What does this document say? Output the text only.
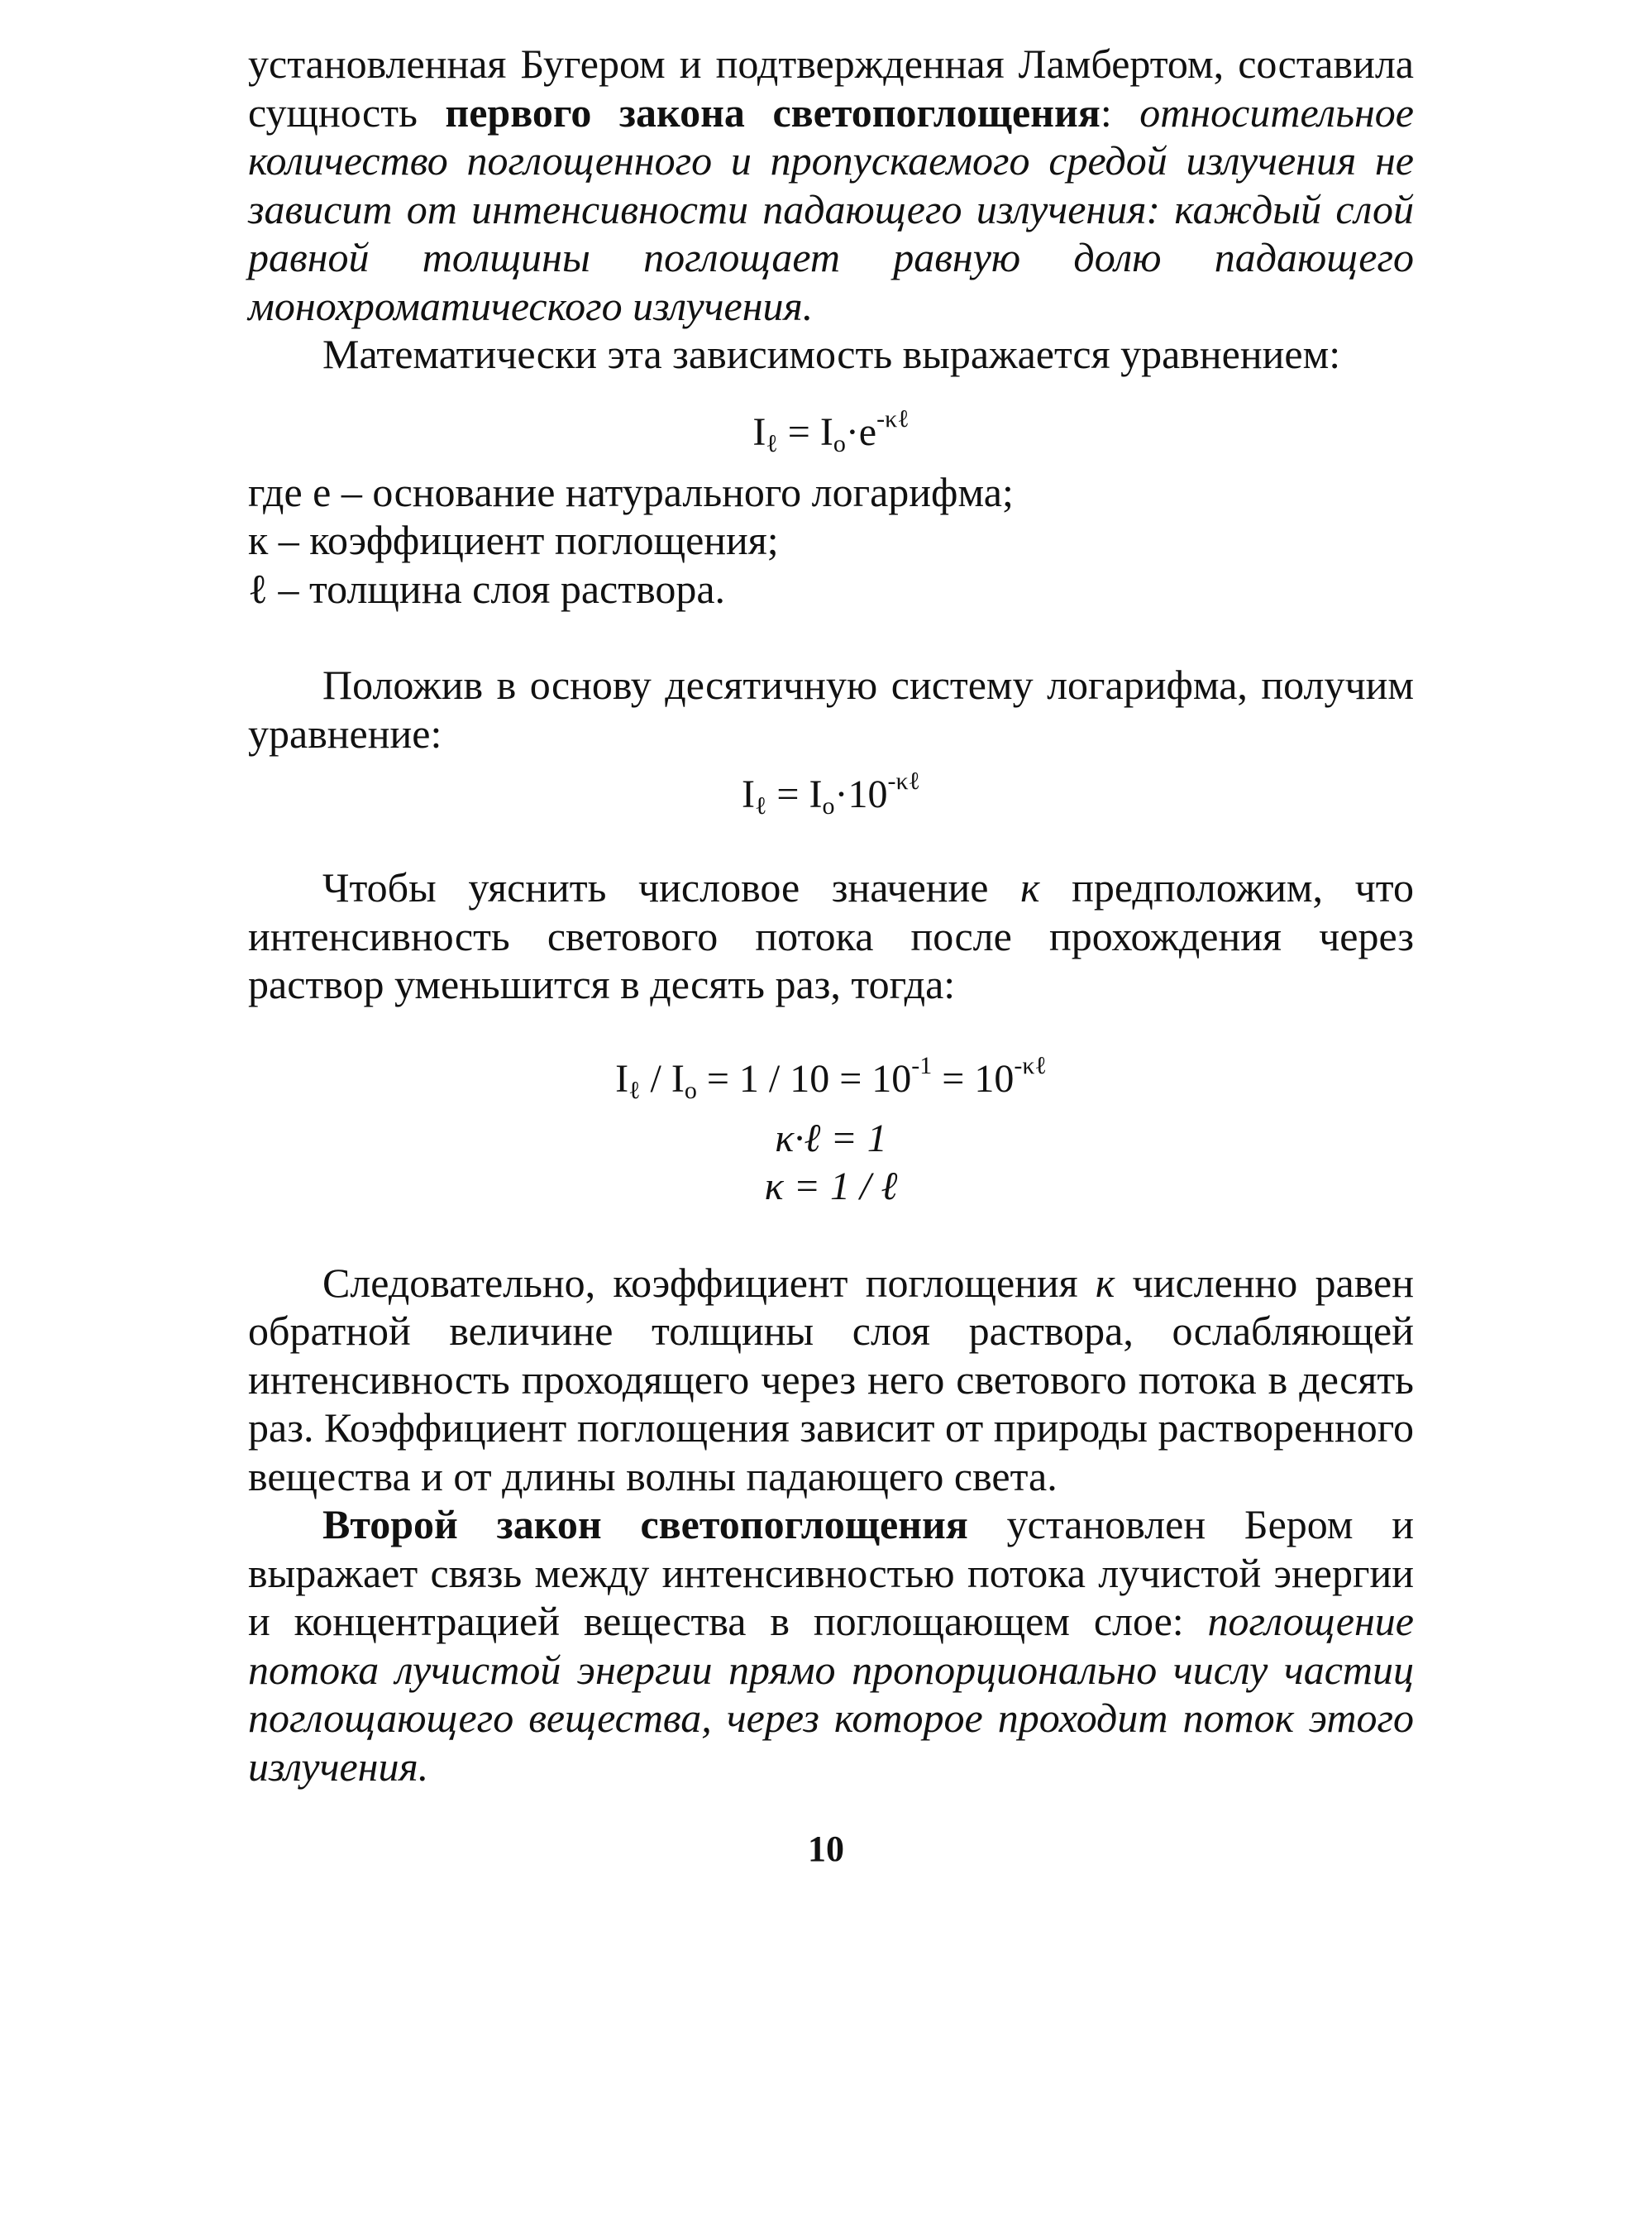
установленная Бугером и подтвержденная Ламбертом, составила сущность первого закона светопоглощения: относительное количество поглощенного и пропускаемого средой излучения не зависит от интенсивности падающего излучения: каждый слой равной толщины поглощает равную долю падающего монохроматического излучения.

Математически эта зависимость выражается уравнением:

$I_\ell = I_o\cdot e^{-\kappa\ell}$

где е – основание натурального логарифма;

к – коэффициент поглощения;

ℓ – толщина слоя раствора.

Положив в основу десятичную систему логарифма, получим уравнение:

$I_\ell = I_o\cdot 10^{-\kappa\ell}$

Чтобы уяснить числовое значение к предположим, что интенсивность светового потока после прохождения через раствор уменьшится в десять раз, тогда:

$I_\ell / I_o = 1 / 10 = 10^{-1} = 10^{-\kappa\ell}$

κ·ℓ = 1

κ = 1 / ℓ

Следовательно, коэффициент поглощения к численно равен обратной величине толщины слоя раствора, ослабляющей интенсивность проходящего через него светового потока в десять раз. Коэффициент поглощения зависит от природы растворенного вещества и от длины волны падающего света.

Второй закон светопоглощения установлен Бером и выражает связь между интенсивностью потока лучистой энергии и концентрацией вещества в поглощающем слое: поглощение потока лучистой энергии прямо пропорционально числу частиц поглощающего вещества, через которое проходит поток этого излучения.

10
